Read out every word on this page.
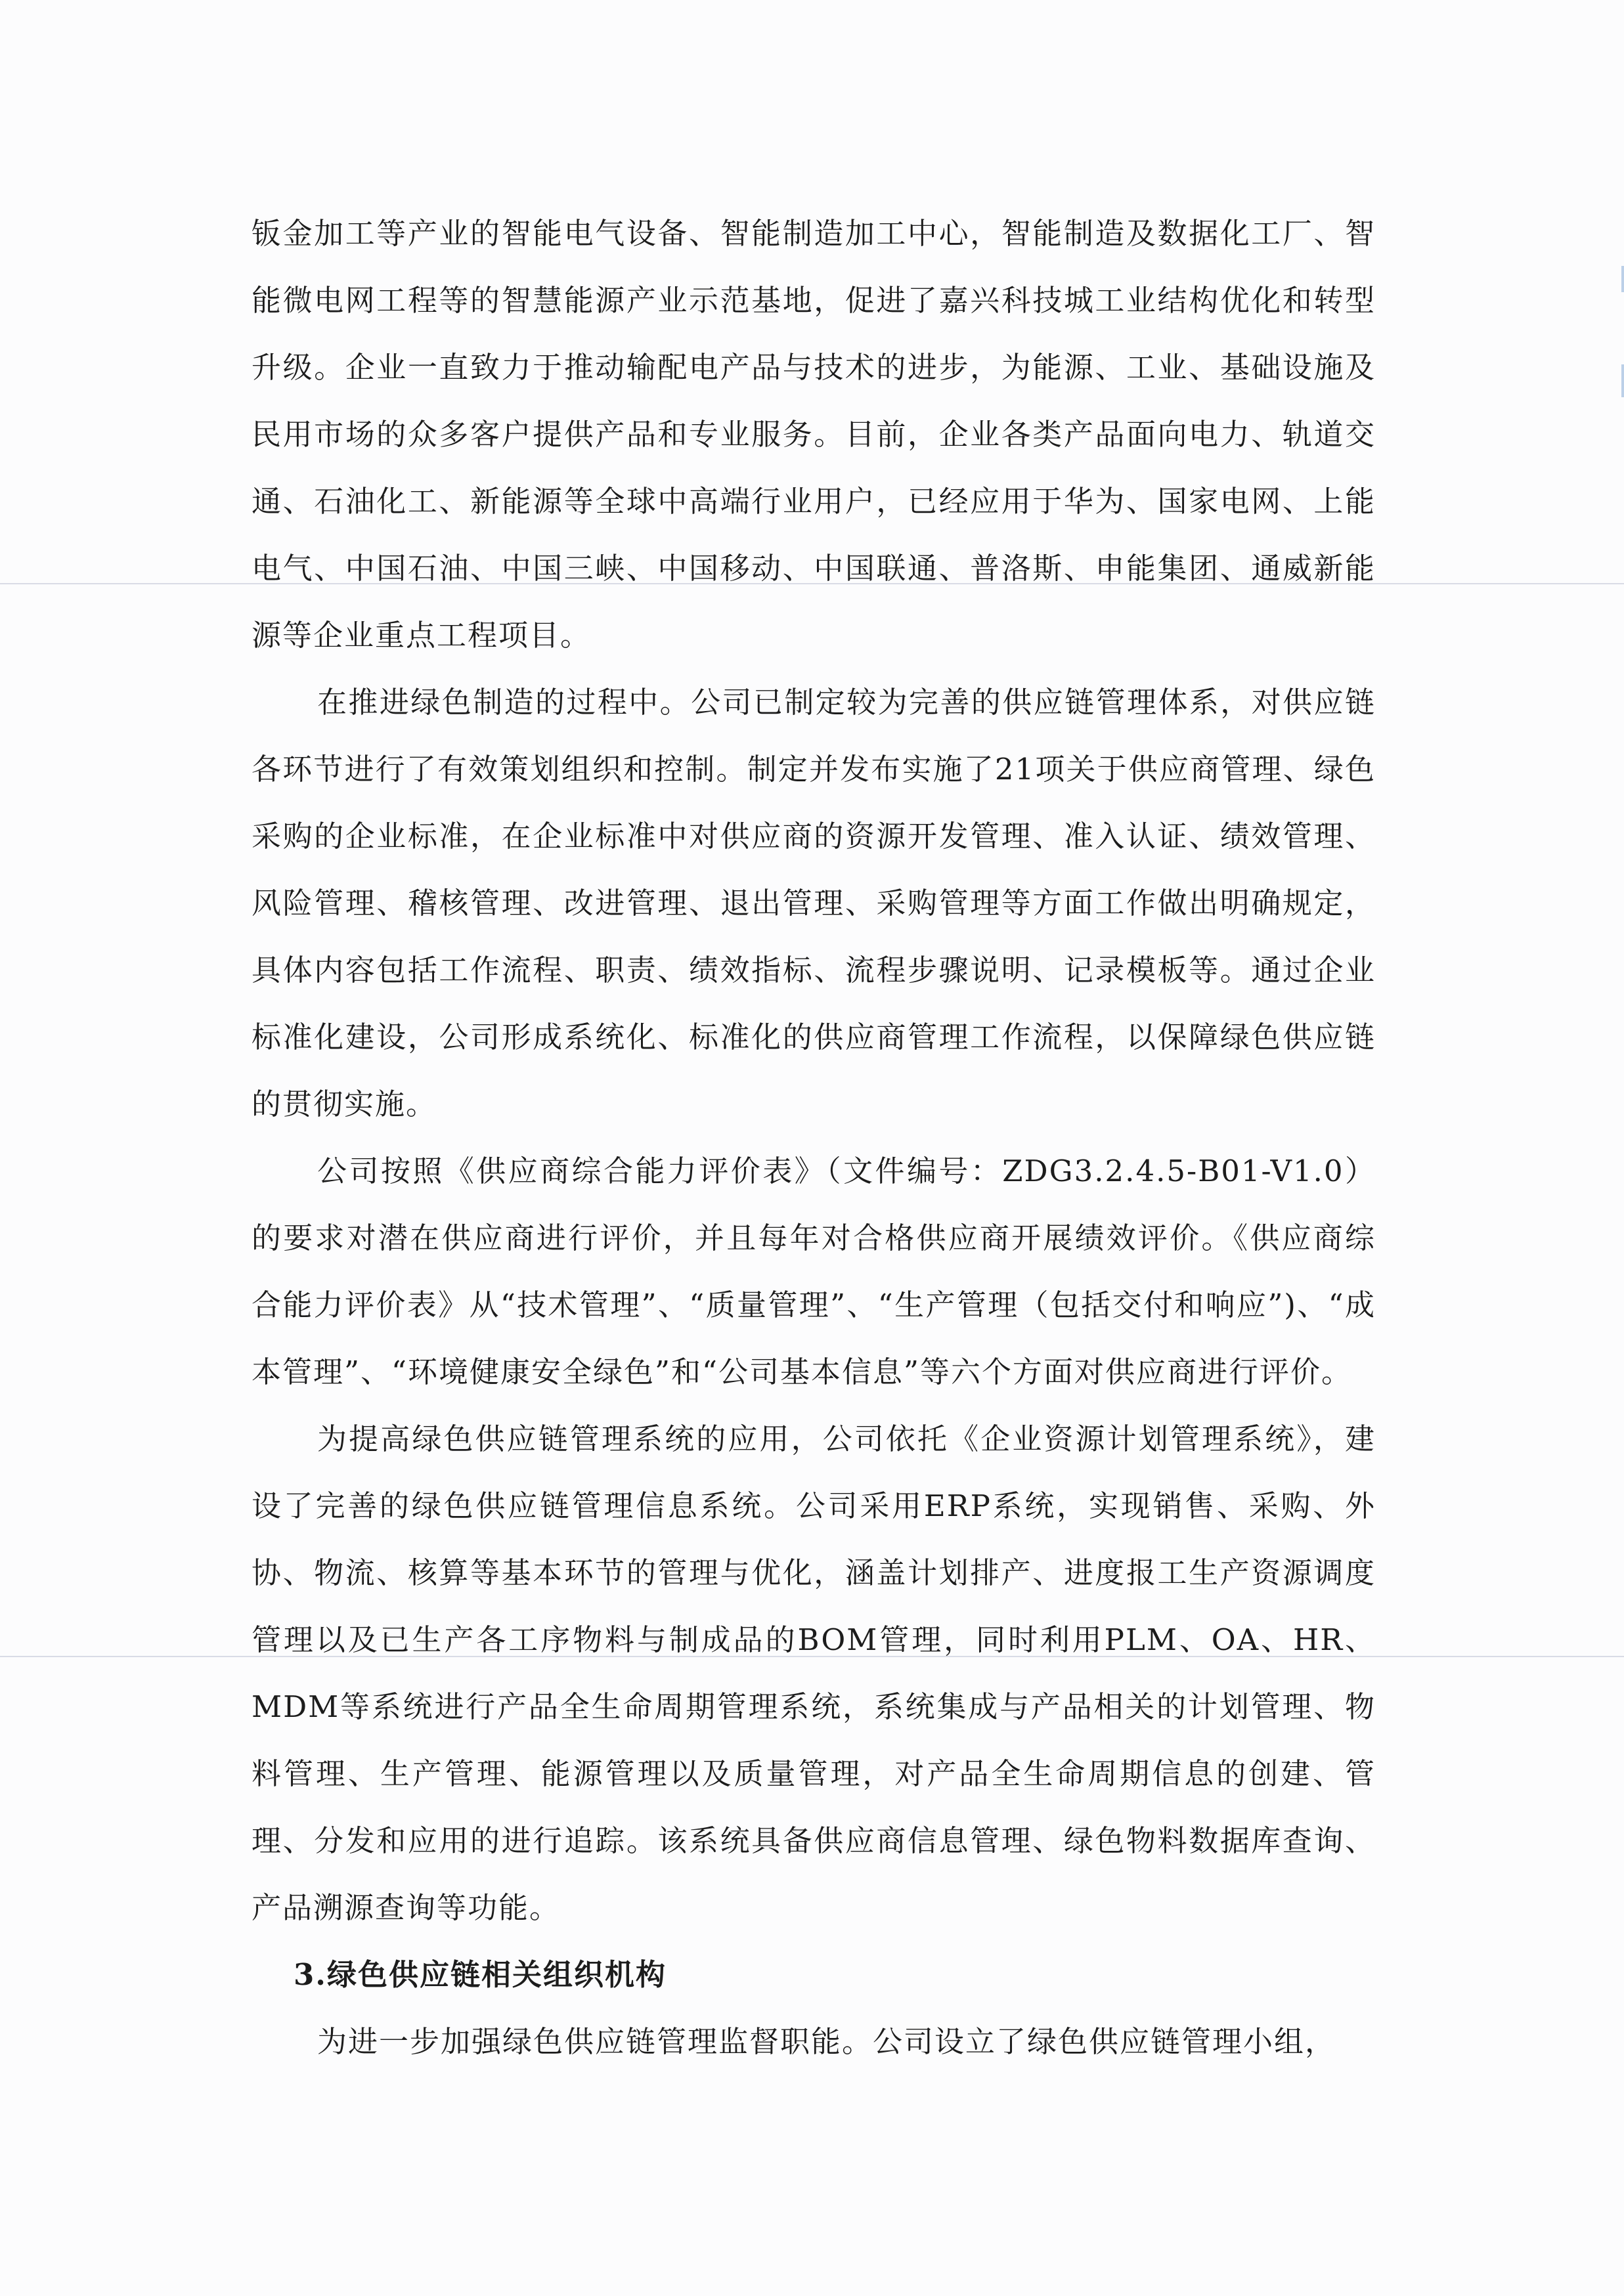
钣金加工等产业的智能电气设备、智能制造加工中心，智能制造及数据化工厂、智能微电网工程等的智慧能源产业示范基地，促进了嘉兴科技城工业结构优化和转型升级。企业一直致力于推动输配电产品与技术的进步，为能源、工业、基础设施及民用市场的众多客户提供产品和专业服务。目前，企业各类产品面向电力、轨道交通、石油化工、新能源等全球中高端行业用户，已经应用于华为、国家电网、上能电气、中国石油、中国三峡、中国移动、中国联通、普洛斯、申能集团、通威新能源等企业重点工程项目。

在推进绿色制造的过程中。公司已制定较为完善的供应链管理体系，对供应链各环节进行了有效策划组织和控制。制定并发布实施了21项关于供应商管理、绿色采购的企业标准，在企业标准中对供应商的资源开发管理、准入认证、绩效管理、风险管理、稽核管理、改进管理、退出管理、采购管理等方面工作做出明确规定，具体内容包括工作流程、职责、绩效指标、流程步骤说明、记录模板等。通过企业标准化建设，公司形成系统化、标准化的供应商管理工作流程，以保障绿色供应链的贯彻实施。

公司按照《供应商综合能力评价表》（文件编号：ZDG3.2.4.5-B01-V1.0）的要求对潜在供应商进行评价，并且每年对合格供应商开展绩效评价。《供应商综合能力评价表》从“技术管理”、“质量管理”、“生产管理（包括交付和响应”)、“成本管理”、“环境健康安全绿色”和“公司基本信息”等六个方面对供应商进行评价。

为提高绿色供应链管理系统的应用，公司依托《企业资源计划管理系统》，建设了完善的绿色供应链管理信息系统。公司采用ERP系统，实现销售、采购、外协、物流、核算等基本环节的管理与优化，涵盖计划排产、进度报工生产资源调度管理以及已生产各工序物料与制成品的BOM管理，同时利用PLM、OA、HR、MDM等系统进行产品全生命周期管理系统，系统集成与产品相关的计划管理、物料管理、生产管理、能源管理以及质量管理，对产品全生命周期信息的创建、管理、分发和应用的进行追踪。该系统具备供应商信息管理、绿色物料数据库查询、产品溯源查询等功能。

3.绿色供应链相关组织机构

为进一步加强绿色供应链管理监督职能。公司设立了绿色供应链管理小组，
